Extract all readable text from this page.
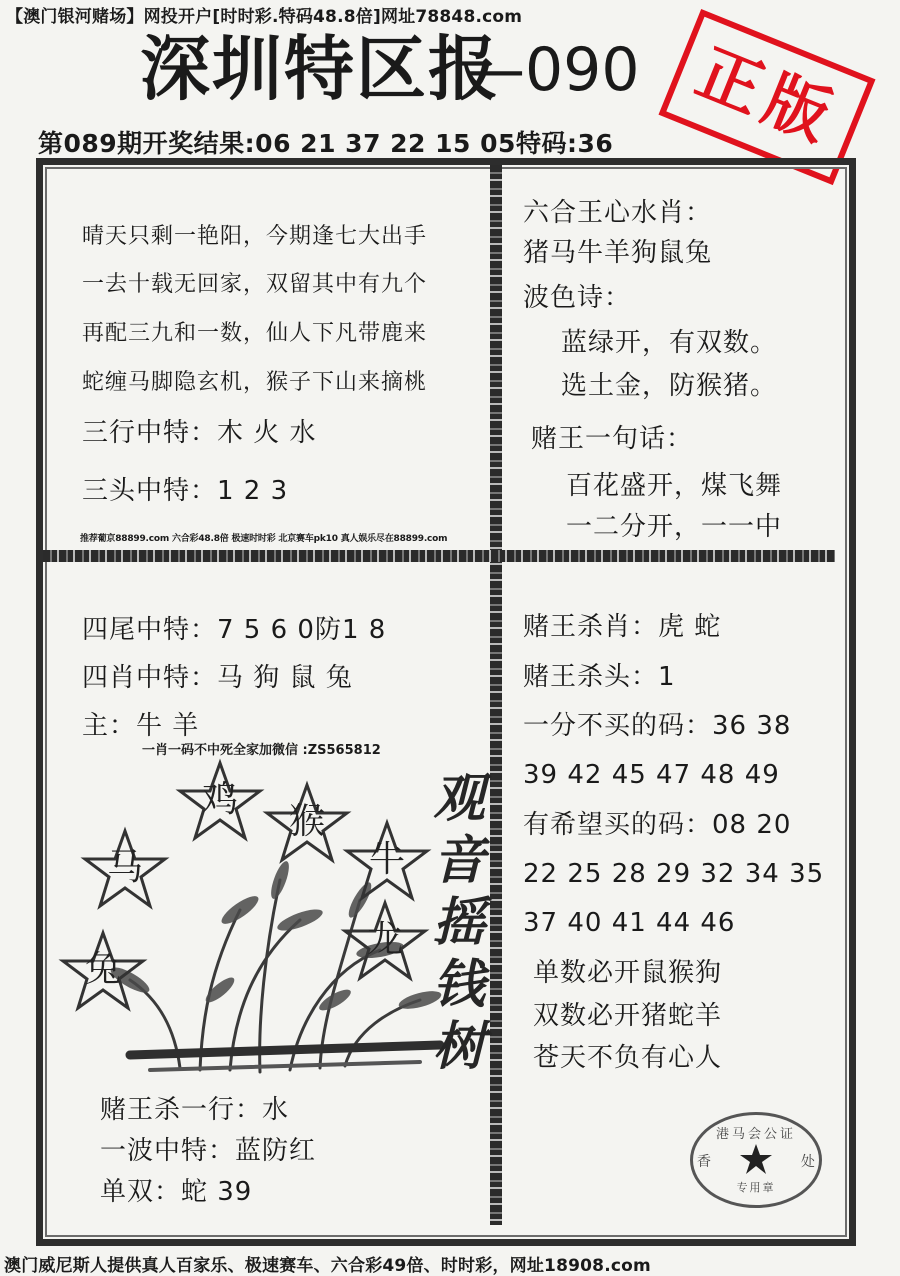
【澳门银河赌场】网投开户[时时彩.特码48.8倍]网址78848.com
深圳特区报
—090 正版
第089期开奖结果:06 21 37 22 15 05特码:36
晴天只剩一艳阳，今期逢七大出手
一去十载无回家，双留其中有九个
再配三九和一数，仙人下凡带鹿来
蛇缠马脚隐玄机，猴子下山来摘桃
三行中特：木 火 水
三头中特：1 2 3
推荐葡京88899.com 六合彩48.8倍 极速时时彩 北京赛车pk10 真人娱乐尽在88899.com
六合王心水肖：
猪马牛羊狗鼠兔
波色诗：
蓝绿开，有双数。
选土金，防猴猪。
赌王一句话：
百花盛开，煤飞舞
一二分开，一一中
四尾中特：7 5 6 0防1 8
四肖中特：马 狗 鼠 兔
主：牛 羊
一肖一码不中死全家加微信 :ZS565812
鸡
猴
马	牛
龙
兔
观音摇钱树
赌王杀一行：水
一波中特：蓝防红
单双：蛇 39
赌王杀肖：虎 蛇
赌王杀头：1
一分不买的码：36 38
39 42 45 47 48 49
有希望买的码：08 20
22 25 28 29 32 34 35
37 40 41 44 46
单数必开鼠猴狗
双数必开猪蛇羊
苍天不负有心人
港马会公证
香	处
专用章
澳门威尼斯人提供真人百家乐、极速赛车、六合彩49倍、时时彩，网址18908.com
